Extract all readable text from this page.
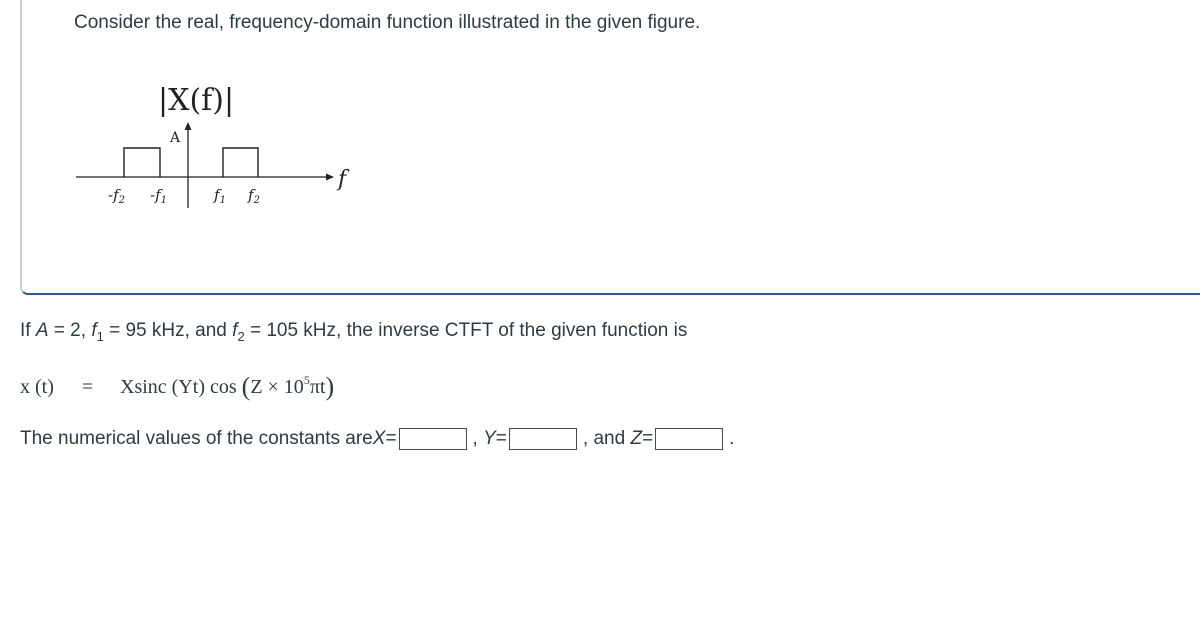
Consider the real, frequency-domain function illustrated in the given figure.
|X(f)|
A
f
$-f_2$ $-f_1$	$f_1$ $f_2$
If A = 2, $f_1 = 95$ kHz, and $f_2 = 105$ kHz, the inverse CTFT of the given function is
x (t) = Xsinc (Yt) $\cos (Z \times 10^5\pi t)$
The numerical values of the constants are X =	,
Y =	, and
Z =	.
